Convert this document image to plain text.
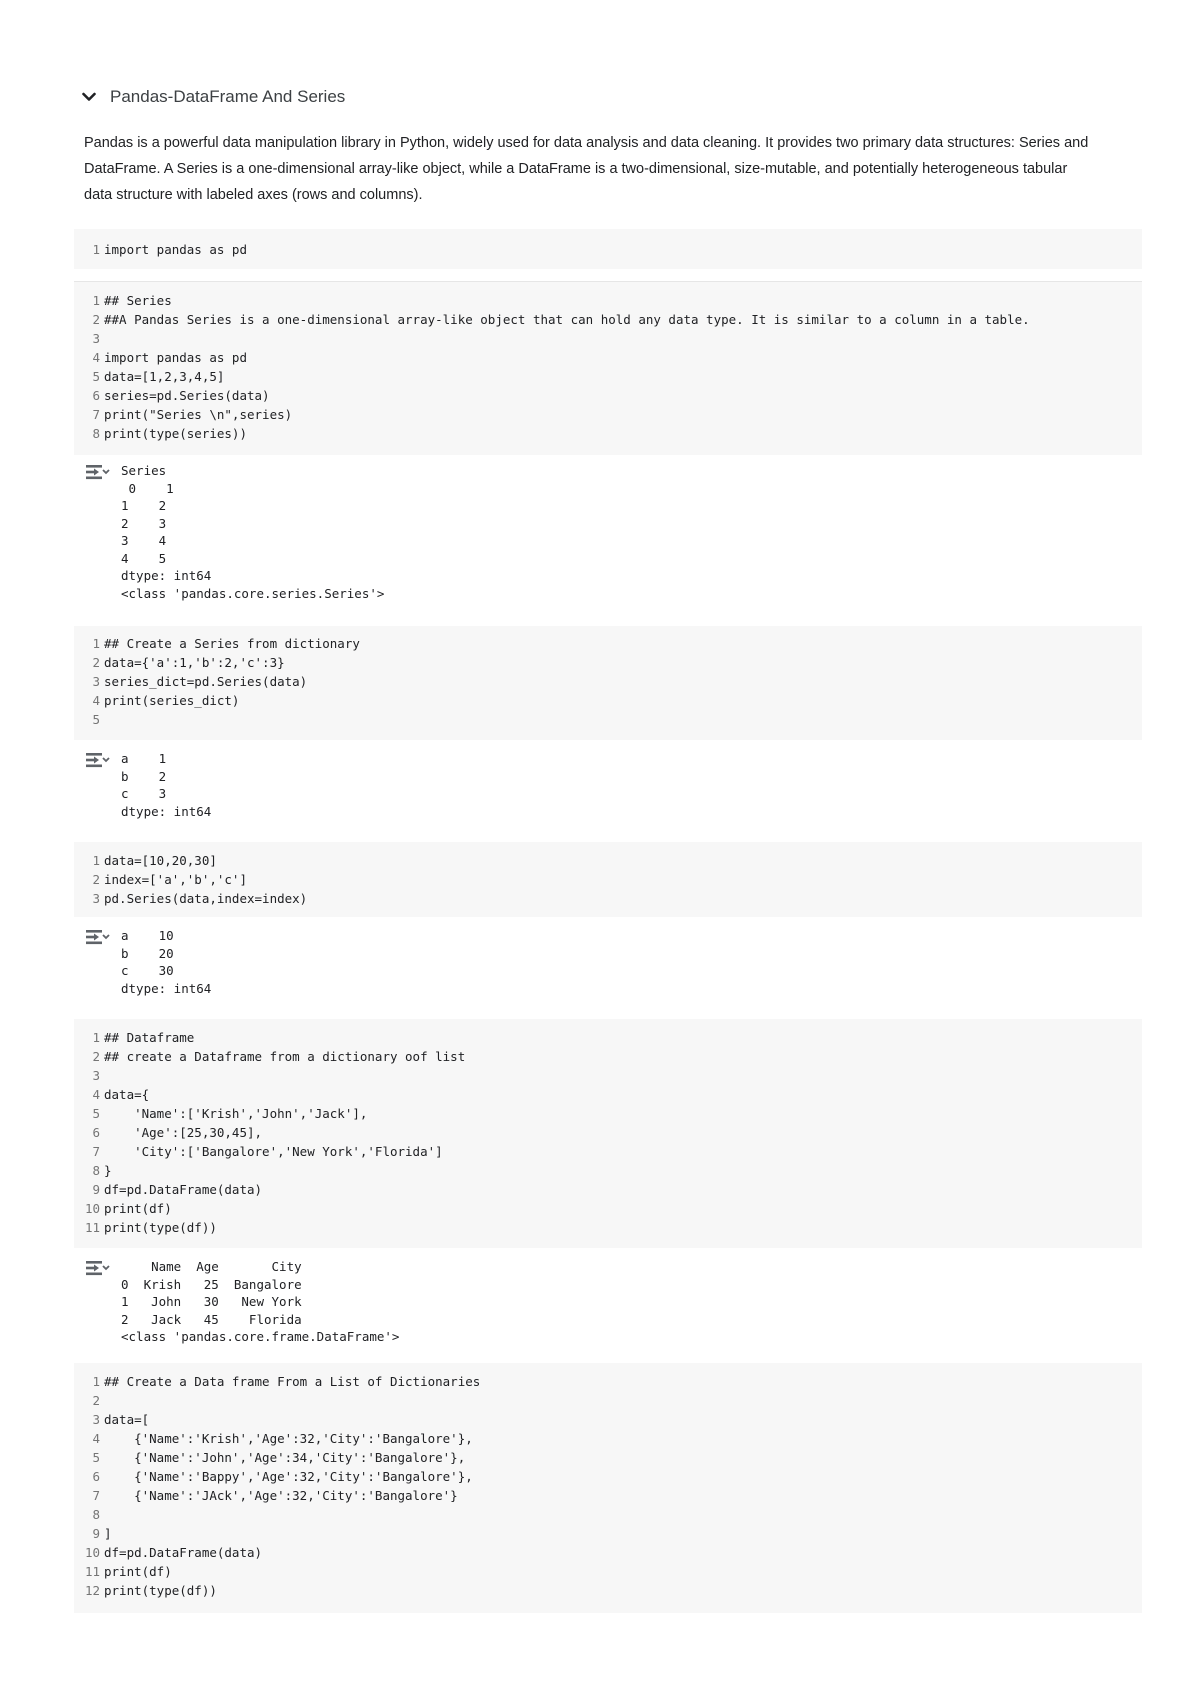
Pandas-DataFrame And Series

Pandas is a powerful data manipulation library in Python, widely used for data analysis and data cleaning. It provides two primary data structures: Series and DataFrame. A Series is a one-dimensional array-like object, while a DataFrame is a two-dimensional, size-mutable, and potentially heterogeneous tabular data structure with labeled axes (rows and columns).

1 import pandas as pd
1 ## Series
2 ##A Pandas Series is a one-dimensional array-like object that can hold any data type. It is similar to a column in a table.
3
4 import pandas as pd
5 data=[1,2,3,4,5]
6 series=pd.Series(data)
7 print("Series \n",series)
8 print(type(series))
Series
0    1
1    2
2    3
3    4
4    5
dtype: int64
<class 'pandas.core.series.Series'>
1 ## Create a Series from dictionary
2 data={'a':1,'b':2,'c':3}
3 series_dict=pd.Series(data)
4 print(series_dict)
5
a    1
b    2
c    3
dtype: int64
1 data=[10,20,30]
2 index=['a','b','c']
3 pd.Series(data,index=index)
a    10
b    20
c    30
dtype: int64
1 ## Dataframe
2 ## create a Dataframe from a dictionary oof list
3
4 data={
5    'Name':['Krish','John','Jack'],
6    'Age':[25,30,45],
7    'City':['Bangalore','New York','Florida']
8 }
9 df=pd.DataFrame(data)
10 print(df)
11 print(type(df))
Name  Age       City
0  Krish   25  Bangalore
1   John   30   New York
2   Jack   45    Florida
<class 'pandas.core.frame.DataFrame'>
1 ## Create a Data frame From a List of Dictionaries
2
3 data=[
4    {'Name':'Krish','Age':32,'City':'Bangalore'},
5    {'Name':'John','Age':34,'City':'Bangalore'},
6    {'Name':'Bappy','Age':32,'City':'Bangalore'},
7    {'Name':'JAck','Age':32,'City':'Bangalore'}
8
9 ]
10 df=pd.DataFrame(data)
11 print(df)
12 print(type(df))
